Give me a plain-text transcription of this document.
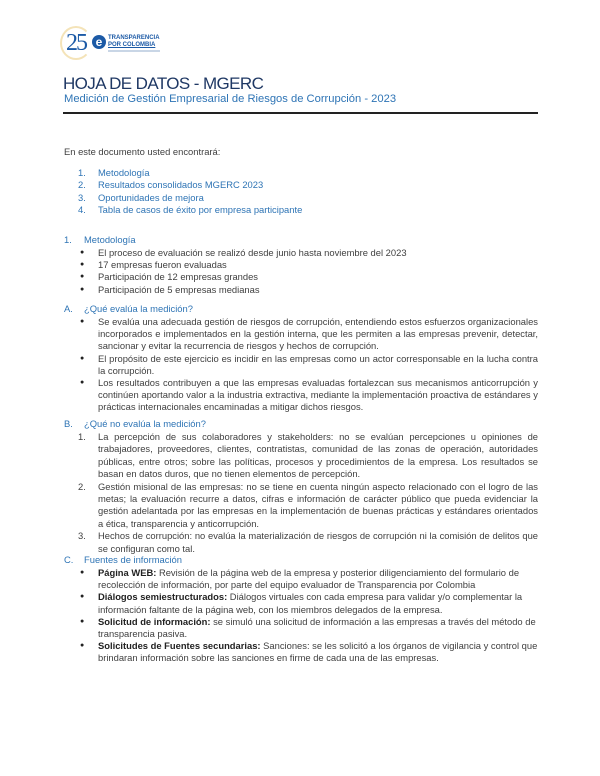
25 e TRANSPARENCIA
POR COLOMBIA
HOJA DE DATOS - MGERC
Medición de Gestión Empresarial de Riesgos de Corrupción - 2023
En este documento usted encontrará:
1.	Metodología
2.	Resultados consolidados MGERC 2023
3.	Oportunidades de mejora
4.	Tabla de casos de éxito por empresa participante
1.	Metodología
●	El proceso de evaluación se realizó desde junio hasta noviembre del 2023
●	17 empresas fueron evaluadas
●	Participación de 12 empresas grandes
●	Participación de 5 empresas medianas
A.	¿Qué evalúa la medición?
●	Se evalúa una adecuada gestión de riesgos de corrupción, entendiendo estos esfuerzos organizacionales incorporados e implementados en la gestión interna, que les permiten a las empresas prevenir, detectar, sancionar y evitar la recurrencia de riesgos y hechos de corrupción.
●	El propósito de este ejercicio es incidir en las empresas como un actor corresponsable en la lucha contra la corrupción.
●	Los resultados contribuyen a que las empresas evaluadas fortalezcan sus mecanismos anticorrupción y continúen aportando valor a la industria extractiva, mediante la implementación proactiva de estándares y prácticas internacionales encaminadas a mitigar dichos riesgos.
B.	¿Qué no evalúa la medición?
1.	La percepción de sus colaboradores y stakeholders: no se evalúan percepciones u opiniones de trabajadores, proveedores, clientes, contratistas, comunidad de las zonas de operación, autoridades públicas, entre otros; sobre las políticas, procesos y procedimientos de la empresa. Los resultados se basan en datos duros, que no tienen elementos de percepción.
2.	Gestión misional de las empresas: no se tiene en cuenta ningún aspecto relacionado con el logro de las metas; la evaluación recurre a datos, cifras e información de carácter público que pueda evidenciar la gestión adelantada por las empresas en la implementación de buenas prácticas y estándares orientados a ética, transparencia y anticorrupción.
3.	Hechos de corrupción: no evalúa la materialización de riesgos de corrupción ni la comisión de delitos que se configuran como tal.
C.	Fuentes de información
●	Página WEB: Revisión de la página web de la empresa y posterior diligenciamiento del formulario de recolección de información, por parte del equipo evaluador de Transparencia por Colombia
●	Diálogos semiestructurados: Diálogos virtuales con cada empresa para validar y/o complementar la información faltante de la página web, con los miembros delegados de la empresa.
●	Solicitud de información: se simuló una solicitud de información a las empresas a través del método de transparencia pasiva.
●	Solicitudes de Fuentes secundarias: Sanciones: se les solicitó a los órganos de vigilancia y control que brindaran información sobre las sanciones en firme de cada una de las empresas.
